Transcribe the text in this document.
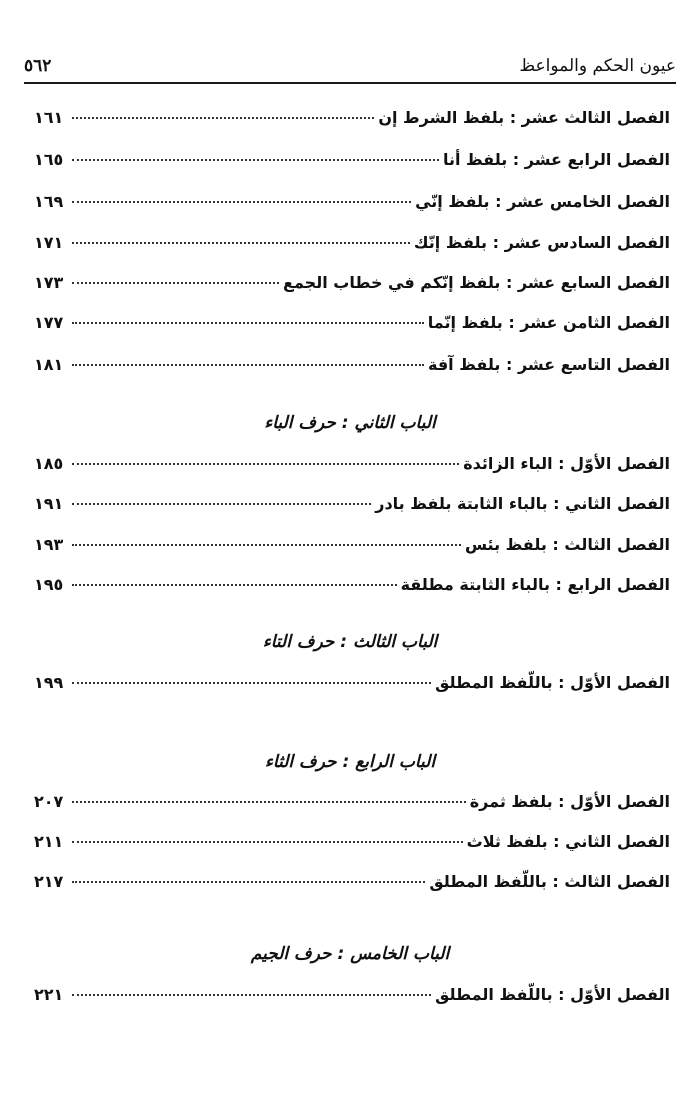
عيون الحكم والمواعظ
٥٦٢
الفصل الثالث عشر : بلفظ الشرط إن
١٦١
الفصل الرابع عشر : بلفظ أنا
١٦٥
الفصل الخامس عشر : بلفظ إنّي
١٦٩
الفصل السادس عشر : بلفظ إنّك
١٧١
الفصل السابع عشر : بلفظ إنّكم في خطاب الجمع
١٧٣
الفصل الثامن عشر : بلفظ إنّما
١٧٧
الفصل التاسع عشر : بلفظ آفة
١٨١
الباب الثاني : حرف الباء
الفصل الأوّل : الباء الزائدة
١٨٥
الفصل الثاني : بالباء الثابتة بلفظ بادر
١٩١
الفصل الثالث : بلفظ بئس
١٩٣
الفصل الرابع : بالباء الثابتة مطلقة
١٩٥
الباب الثالث : حرف التاء
الفصل الأوّل : باللّفظ المطلق
١٩٩
الباب الرابع : حرف الثاء
الفصل الأوّل : بلفظ ثمرة
٢٠٧
الفصل الثاني : بلفظ ثلاث
٢١١
الفصل الثالث : باللّفظ المطلق
٢١٧
الباب الخامس : حرف الجيم
الفصل الأوّل : باللّفظ المطلق
٢٢١
